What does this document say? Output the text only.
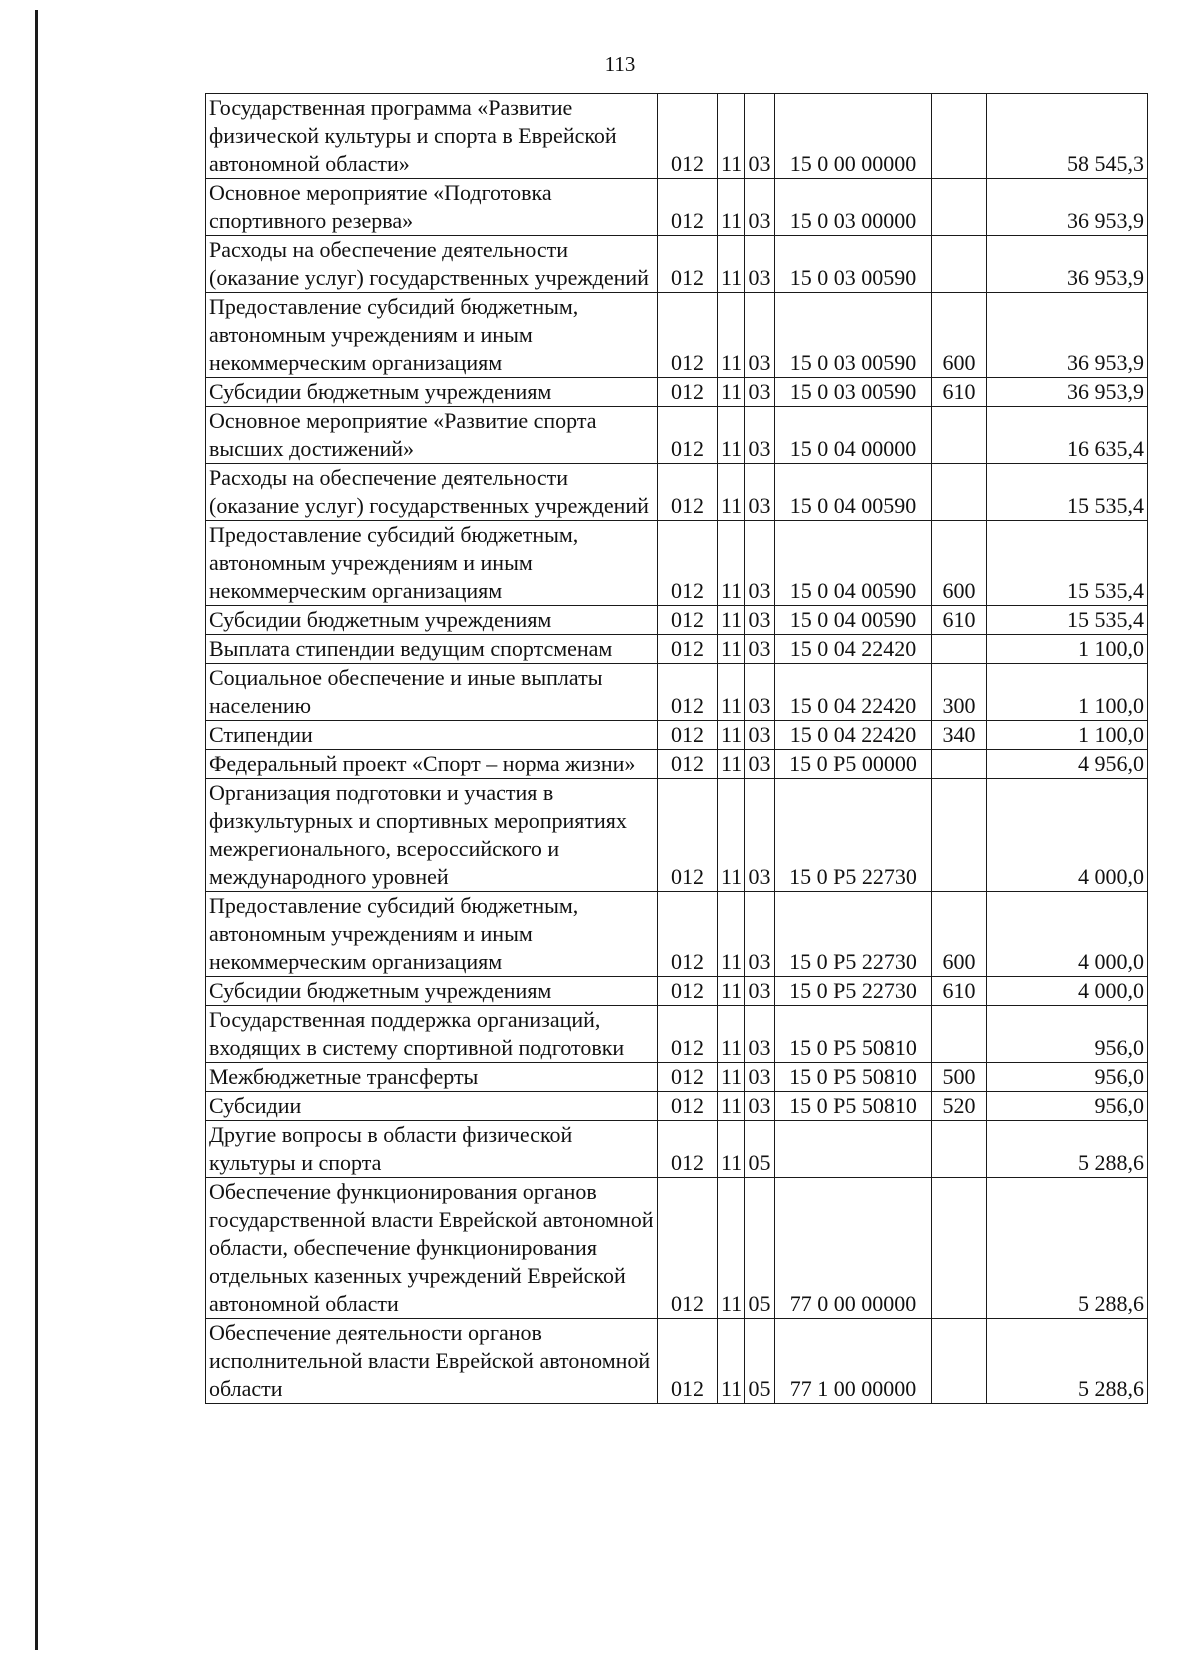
113
Государственная программа «Развитие физической культуры и спорта в Еврейской автономной области»	012	11	03	15 0 00 00000		58 545,3
Основное мероприятие «Подготовка спортивного резерва»	012	11	03	15 0 03 00000		36 953,9
Расходы на обеспечение деятельности (оказание услуг) государственных учреждений	012	11	03	15 0 03 00590		36 953,9
Предоставление субсидий бюджетным, автономным учреждениям и иным некоммерческим организациям	012	11	03	15 0 03 00590	600	36 953,9
Субсидии бюджетным учреждениям	012	11	03	15 0 03 00590	610	36 953,9
Основное мероприятие «Развитие спорта высших достижений»	012	11	03	15 0 04 00000		16 635,4
Расходы на обеспечение деятельности (оказание услуг) государственных учреждений	012	11	03	15 0 04 00590		15 535,4
Предоставление субсидий бюджетным, автономным учреждениям и иным некоммерческим организациям	012	11	03	15 0 04 00590	600	15 535,4
Субсидии бюджетным учреждениям	012	11	03	15 0 04 00590	610	15 535,4
Выплата стипендии ведущим спортсменам	012	11	03	15 0 04 22420		1 100,0
Социальное обеспечение и иные выплаты населению	012	11	03	15 0 04 22420	300	1 100,0
Стипендии	012	11	03	15 0 04 22420	340	1 100,0
Федеральный проект «Спорт – норма жизни»	012	11	03	15 0 P5 00000		4 956,0
Организация подготовки и участия в физкультурных и спортивных мероприятиях межрегионального, всероссийского и международного уровней	012	11	03	15 0 P5 22730		4 000,0
Предоставление субсидий бюджетным, автономным учреждениям и иным некоммерческим организациям	012	11	03	15 0 P5 22730	600	4 000,0
Субсидии бюджетным учреждениям	012	11	03	15 0 P5 22730	610	4 000,0
Государственная поддержка организаций, входящих в систему спортивной подготовки	012	11	03	15 0 P5 50810		956,0
Межбюджетные трансферты	012	11	03	15 0 P5 50810	500	956,0
Субсидии	012	11	03	15 0 P5 50810	520	956,0
Другие вопросы в области физической культуры и спорта	012	11	05			5 288,6
Обеспечение функционирования органов государственной власти Еврейской автономной области, обеспечение функционирования отдельных казенных учреждений Еврейской автономной области	012	11	05	77 0 00 00000		5 288,6
Обеспечение деятельности органов исполнительной власти Еврейской автономной области	012	11	05	77 1 00 00000		5 288,6
